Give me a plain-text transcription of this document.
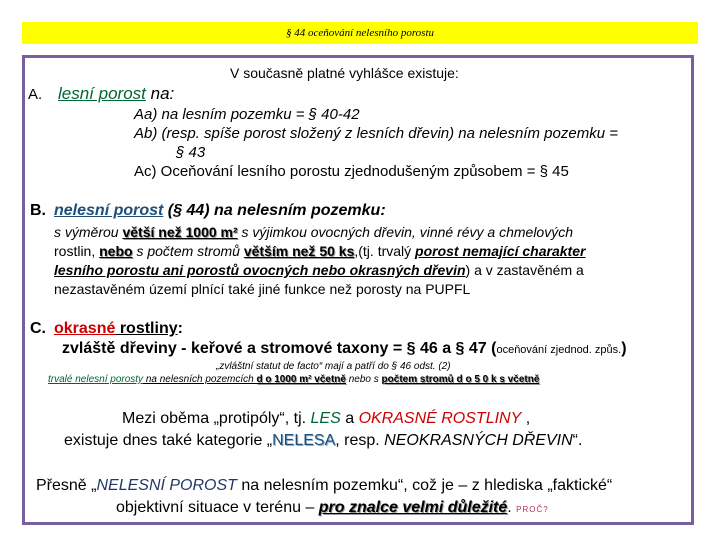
§ 44 oceňování nelesního porostu
V současně platné vyhlášce existuje:
A. lesní porost na:
Aa) na lesním pozemku = § 40-42
Ab) (resp. spíše porost složený z lesních dřevin) na nelesním pozemku =
§ 43
Ac) Oceňování lesního porostu zjednodušeným způsobem = § 45
B. nelesní porost (§ 44) na nelesním pozemku:
s výměrou větší než 1000 m² s výjimkou ovocných dřevin, vinné révy a chmelových
rostlin, nebo s počtem stromů větším než 50 ks,(tj. trvalý porost nemající charakter
lesního porostu ani porostů ovocných nebo okrasných dřevin) a v zastavěném a
nezastavěném území plnící také jiné funkce než porosty na PUPFL
C. okrasné rostliny:
zvláště dřeviny - keřové a stromové taxony = § 46 a § 47 (oceňování zjednod. způs.)
„zvláštní statut de facto“ mají a patří do § 46 odst. (2)
trvalé nelesní porosty na nelesních pozemcích d o 1000 m² včetně nebo s počtem stromů d o 5 0 k s včetně
Mezi oběma „protipóly“, tj. LES a OKRASNÉ ROSTLINY ,
existuje dnes také kategorie „NELESA, resp. NEOKRASNÝCH DŘEVIN“.
Přesně „NELESNÍ POROST na nelesním pozemku“, což je – z hlediska „faktické“
objektivní situace v terénu – pro znalce velmi důležité. PROČ?
